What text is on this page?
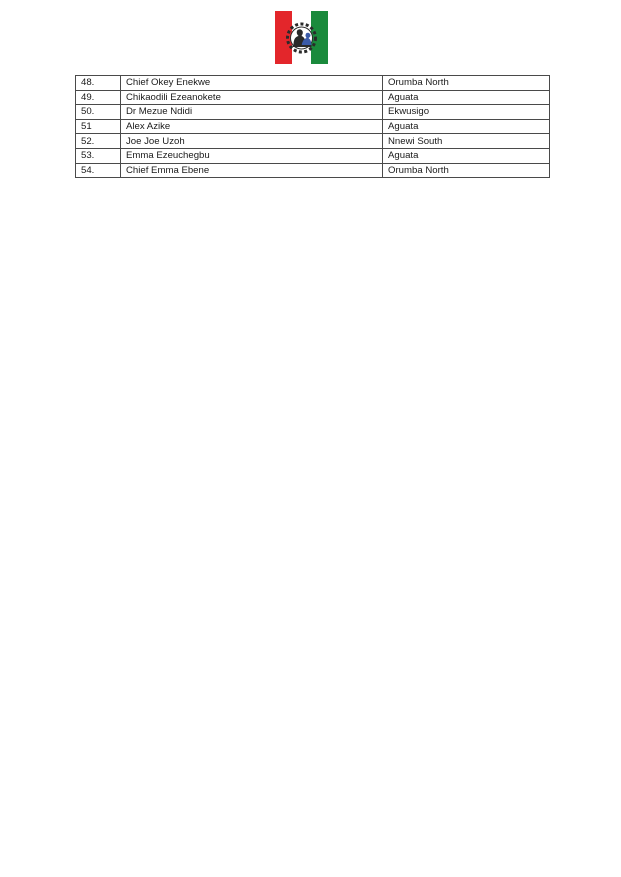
48.	Chief Okey Enekwe	Orumba North
49.	Chikaodili Ezeanokete	Aguata
50.	Dr Mezue Ndidi	Ekwusigo
51	Alex Azike	Aguata
52.	Joe Joe Uzoh	Nnewi South
53.	Emma Ezeuchegbu	Aguata
54.	Chief Emma Ebene	Orumba North
